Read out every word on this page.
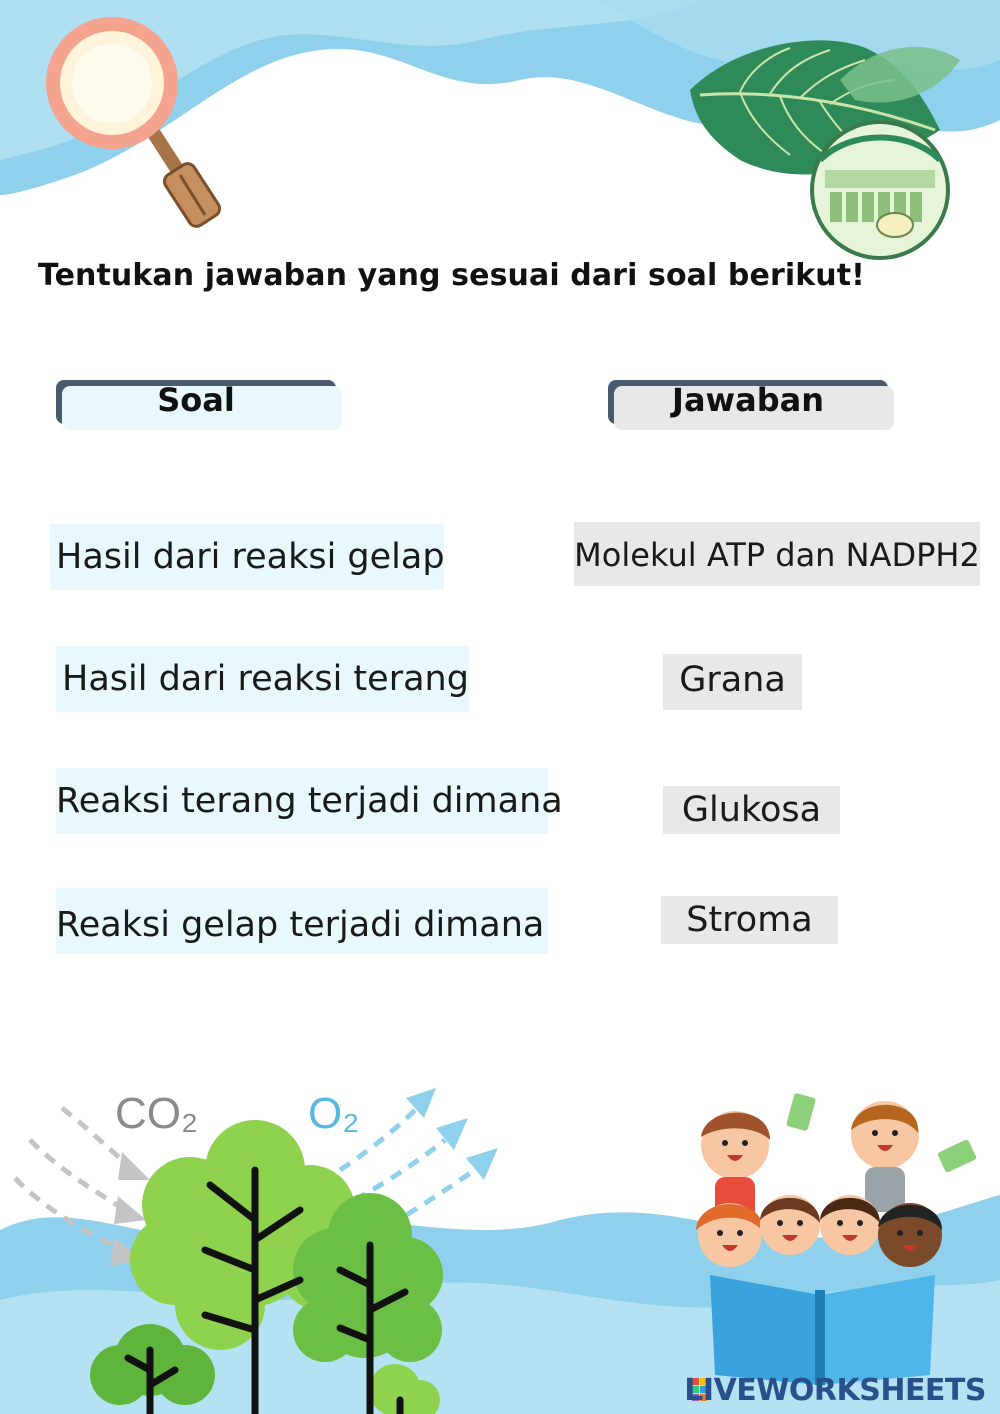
Tentukan jawaban yang sesuai dari soal berikut!
Soal	Jawaban
Hasil dari reaksi gelap
Hasil dari reaksi terang
Reaksi terang terjadi dimana
Reaksi gelap terjadi dimana
Molekul ATP dan NADPH2
Grana
Glukosa
Stroma
CO₂ O₂
LIVEWORKSHEETS
